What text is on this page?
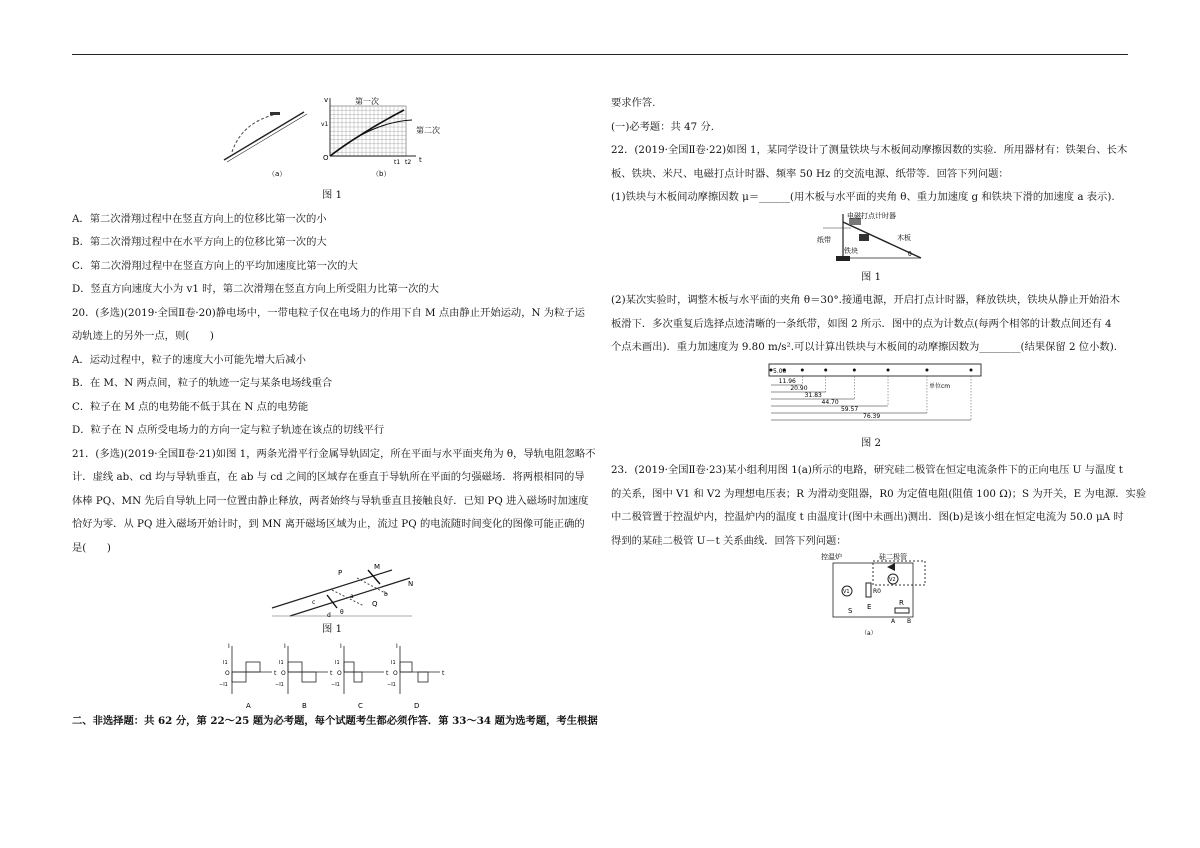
（a）
v
O
v1
第一次
第二次
t1 t2 t
（b）
图 1
A．第二次滑翔过程中在竖直方向上的位移比第一次的小
B．第二次滑翔过程中在水平方向上的位移比第一次的大
C．第二次滑翔过程中在竖直方向上的平均加速度比第一次的大
D．竖直方向速度大小为 v1 时，第二次滑翔在竖直方向上所受阻力比第一次的大
20．(多选)(2019·全国Ⅱ卷·20)静电场中，一带电粒子仅在电场力的作用下自 M 点由静止开始运动，N 为粒子运
动轨迹上的另外一点，则(　　)
A．运动过程中，粒子的速度大小可能先增大后减小
B．在 M、N 两点间，粒子的轨迹一定与某条电场线重合
C．粒子在 M 点的电势能不低于其在 N 点的电势能
D．粒子在 N 点所受电场力的方向一定与粒子轨迹在该点的切线平行
21．(多选)(2019·全国Ⅱ卷·21)如图 1，两条光滑平行金属导轨固定，所在平面与水平面夹角为 θ，导轨电阻忽略不
计．虚线 ab、cd 均与导轨垂直，在 ab 与 cd 之间的区域存在垂直于导轨所在平面的匀强磁场．将两根相同的导
体棒 PQ、MN 先后自导轨上同一位置由静止释放，两者始终与导轨垂直且接触良好．已知 PQ 进入磁场时加速度
恰好为零．从 PQ 进入磁场开始计时，到 MN 离开磁场区域为止，流过 PQ 的电流随时间变化的图像可能正确的
是(　　)
P
M
N
Q
a	b
c
d θ
图 1
I
I1
O
−I1
t
A
I
I1
O
−I1
t
B
I
I1
O
−I1
t
C
I
I1
O
−I1
t
D
二、非选择题：共 62 分，第 22～25 题为必考题，每个试题考生都必须作答．第 33～34 题为选考题，考生根据
要求作答.
(一)必考题：共 47 分.
22．(2019·全国Ⅱ卷·22)如图 1，某同学设计了测量铁块与木板间动摩擦因数的实验．所用器材有：铁架台、长木
板、铁块、米尺、电磁打点计时器、频率 50 Hz 的交流电源、纸带等．回答下列问题：
(1)铁块与木板间动摩擦因数 μ＝______(用木板与水平面的夹角 θ、重力加速度 g 和铁块下滑的加速度 a 表示).
电磁打点计时器
纸带
铁块
木板
θ
图 1
(2)某次实验时，调整木板与水平面的夹角 θ＝30°.接通电源，开启打点计时器，释放铁块，铁块从静止开始沿木
板滑下．多次重复后选择点迹清晰的一条纸带，如图 2 所示．图中的点为计数点(每两个相邻的计数点间还有 4
个点未画出)．重力加速度为 9.80 m/s².可以计算出铁块与木板间的动摩擦因数为________(结果保留 2 位小数).
5.00
11.96
20.90
31.83
44.70
59.57
76.39
单位cm
图 2
23．(2019·全国Ⅱ卷·23)某小组利用图 1(a)所示的电路，研究硅二极管在恒定电流条件下的正向电压 U 与温度 t
的关系，图中 V1 和 V2 为理想电压表；R 为滑动变阻器，R0 为定值电阻(阻值 100 Ω)；S 为开关，E 为电源．实验
中二极管置于控温炉内，控温炉内的温度 t 由温度计(图中未画出)测出．图(b)是该小组在恒定电流为 50.0 μA 时
得到的某硅二极管 U－t 关系曲线．回答下列问题：
控温炉	硅二极管
V1
V2
R0
S E	R
A B
（a）
